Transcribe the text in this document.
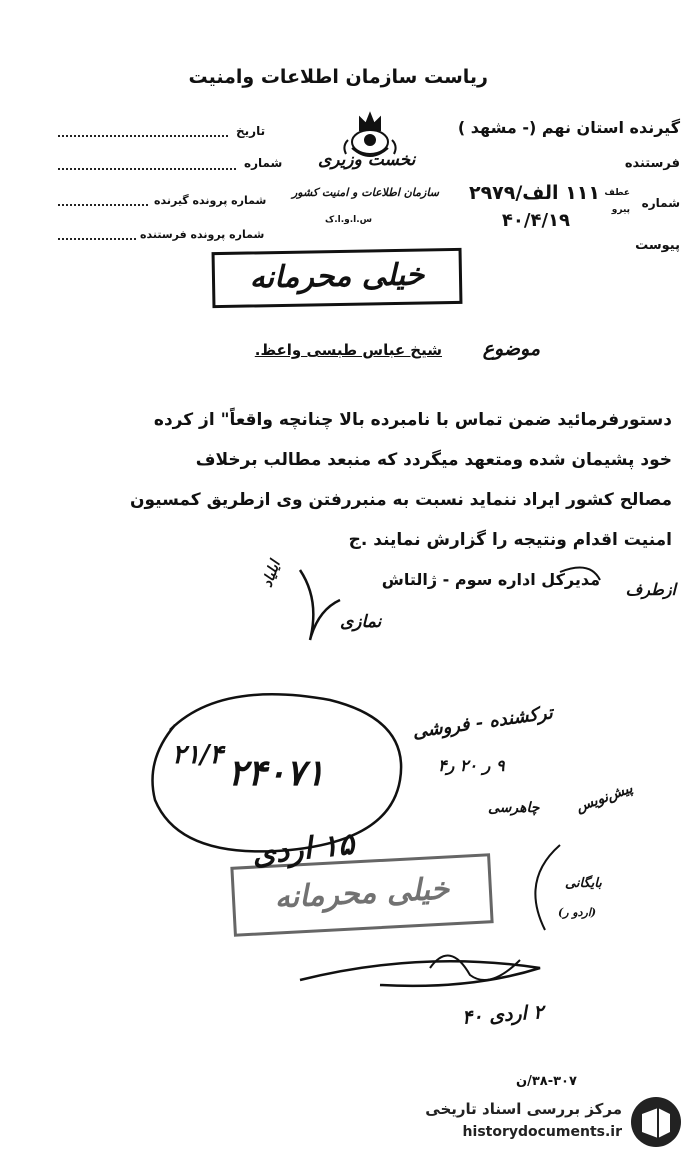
ریاست سازمان اطلاعات وامنیت
گیرنده استان نهم (- مشهد )
فرستنده
شماره
عطف
پیرو
۱۱۱ الف/۲۹۷۹
۴۰/۴/۱۹
پیوست
نخست وزیری
سازمان اطلاعات و امنیت کشور
س.ا.و.ا.ک
تاریخ
شماره
شماره پرونده گیرنده
شماره پرونده فرستنده
خیلی محرمانه
موضوع
شیخ عباس طبسی واعظ.
دستورفرمائید ضمن تماس با نامبرده بالا چنانچه واقعاً" از کرده
خود پشیمان شده ومتعهد میگردد که منبعد مطالب برخلاف
مصالح کشور ایراد ننماید نسبت به منبررفتن وی ازطریق کمسیون
امنیت اقدام ونتیجه را گزارش نمایند .ج
مدیرکل اداره سوم - ژالتاش
ازطرف
نمازی
ایلیاد
۲۴۰۷۱
۲۱/۴
ترکشنده - فروشی
۹ ر ۲۰ ر۴
چاهرسی پیش‌نویس
بایگانی
(اردو ر)
خیلی محرمانه
۱۵ اردی
۲ اردی ۴۰
۳۸-۳۰۷/ن
مرکز بررسی اسناد تاریخی
historydocuments.ir
